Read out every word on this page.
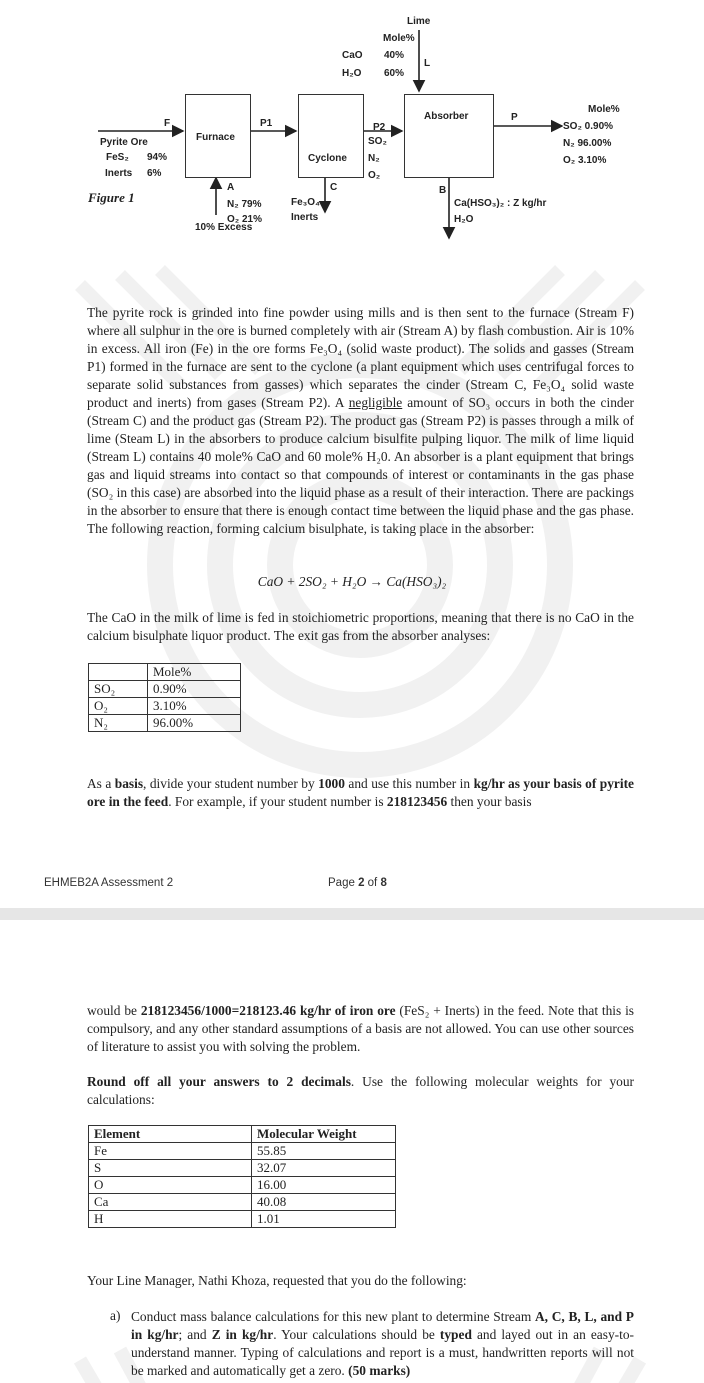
Furnace
Cyclone
Absorber
Lime
Mole%
CaO 40%
H₂O 60%
L
F	P1	P2
SO₂
N₂
O₂
P
Pyrite Ore
FeS₂ 94%
Inerts 6%
A
N₂ 79%
O₂ 21%
10% Excess
C
Fe₃O₄
Inerts
B
Ca(HSO₃)₂ : Z kg/hr
H₂O
Mole%
SO₂ 0.90%
N₂ 96.00%
O₂ 3.10%
Figure 1
The pyrite rock is grinded into fine powder using mills and is then sent to the furnace (Stream F) where all sulphur in the ore is burned completely with air (Stream A) by flash combustion. Air is 10% in excess. All iron (Fe) in the ore forms Fe₃O₄ (solid waste product). The solids and gasses (Stream P1) formed in the furnace are sent to the cyclone (a plant equipment which uses centrifugal forces to separate solid substances from gasses) which separates the cinder (Stream C, Fe₃O₄ solid waste product and inerts) from gases (Stream P2). A negligible amount of SO₃ occurs in both the cinder (Stream C) and the product gas (Stream P2). The product gas (Stream P2) is passes through a milk of lime (Steam L) in the absorbers to produce calcium bisulfite pulping liquor. The milk of lime liquid (Stream L) contains 40 mole% CaO and 60 mole% H₂0. An absorber is a plant equipment that brings gas and liquid streams into contact so that compounds of interest or contaminants in the gas phase (SO₂ in this case) are absorbed into the liquid phase as a result of their interaction. There are packings in the absorber to ensure that there is enough contact time between the liquid phase and the gas phase. The following reaction, forming calcium bisulphate, is taking place in the absorber:
CaO + 2SO₂ + H₂O → Ca(HSO₃)₂
The CaO in the milk of lime is fed in stoichiometric proportions, meaning that there is no CaO in the calcium bisulphate liquor product. The exit gas from the absorber analyses:
	Mole%
SO₂	0.90%
O₂	3.10%
N₂	96.00%
As a basis, divide your student number by 1000 and use this number in kg/hr as your basis of pyrite ore in the feed. For example, if your student number is 218123456 then your basis
EHMEB2A Assessment 2	Page 2 of 8
would be 218123456/1000=218123.46 kg/hr of iron ore (FeS₂ + Inerts) in the feed. Note that this is compulsory, and any other standard assumptions of a basis are not allowed. You can use other sources of literature to assist you with solving the problem.
Round off all your answers to 2 decimals. Use the following molecular weights for your calculations:
Element	Molecular Weight
Fe	55.85
S	32.07
O	16.00
Ca	40.08
H	1.01
Your Line Manager, Nathi Khoza, requested that you do the following:
a) Conduct mass balance calculations for this new plant to determine Stream A, C, B, L, and P in kg/hr; and Z in kg/hr. Your calculations should be typed and layed out in an easy-to-understand manner. Typing of calculations and report is a must, handwritten reports will not be marked and automatically get a zero. (50 marks)
